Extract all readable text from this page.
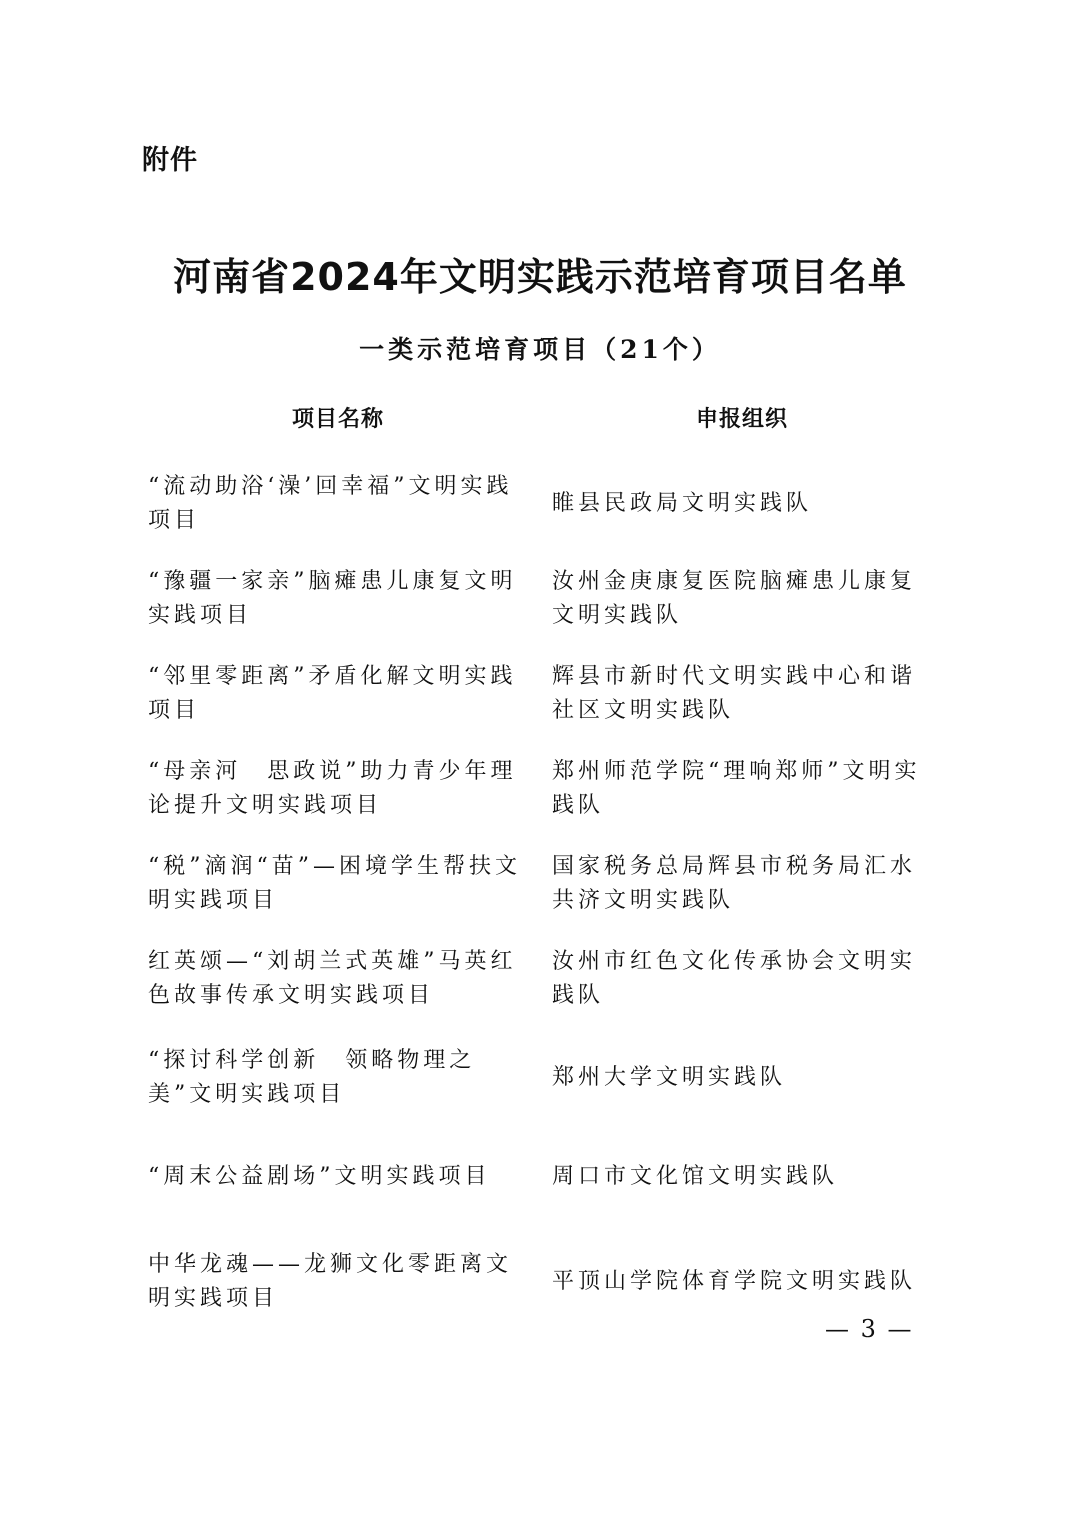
附件
河南省2024年文明实践示范培育项目名单
一类示范培育项目（21个）
项目名称	申报组织
“流动助浴‘澡’回幸福”文明实践项目
睢县民政局文明实践队
“豫疆一家亲”脑瘫患儿康复文明实践项目
汝州金庚康复医院脑瘫患儿康复文明实践队
“邻里零距离”矛盾化解文明实践项目
辉县市新时代文明实践中心和谐社区文明实践队
“母亲河　思政说”助力青少年理论提升文明实践项目
郑州师范学院“理响郑师”文明实践队
“税”滴润“苗”—困境学生帮扶文明实践项目
国家税务总局辉县市税务局汇水共济文明实践队
红英颂—“刘胡兰式英雄”马英红色故事传承文明实践项目
汝州市红色文化传承协会文明实践队
“探讨科学创新　领略物理之美”文明实践项目
郑州大学文明实践队
“周末公益剧场”文明实践项目	周口市文化馆文明实践队
中华龙魂——龙狮文化零距离文明实践项目
平顶山学院体育学院文明实践队
— 3 —
